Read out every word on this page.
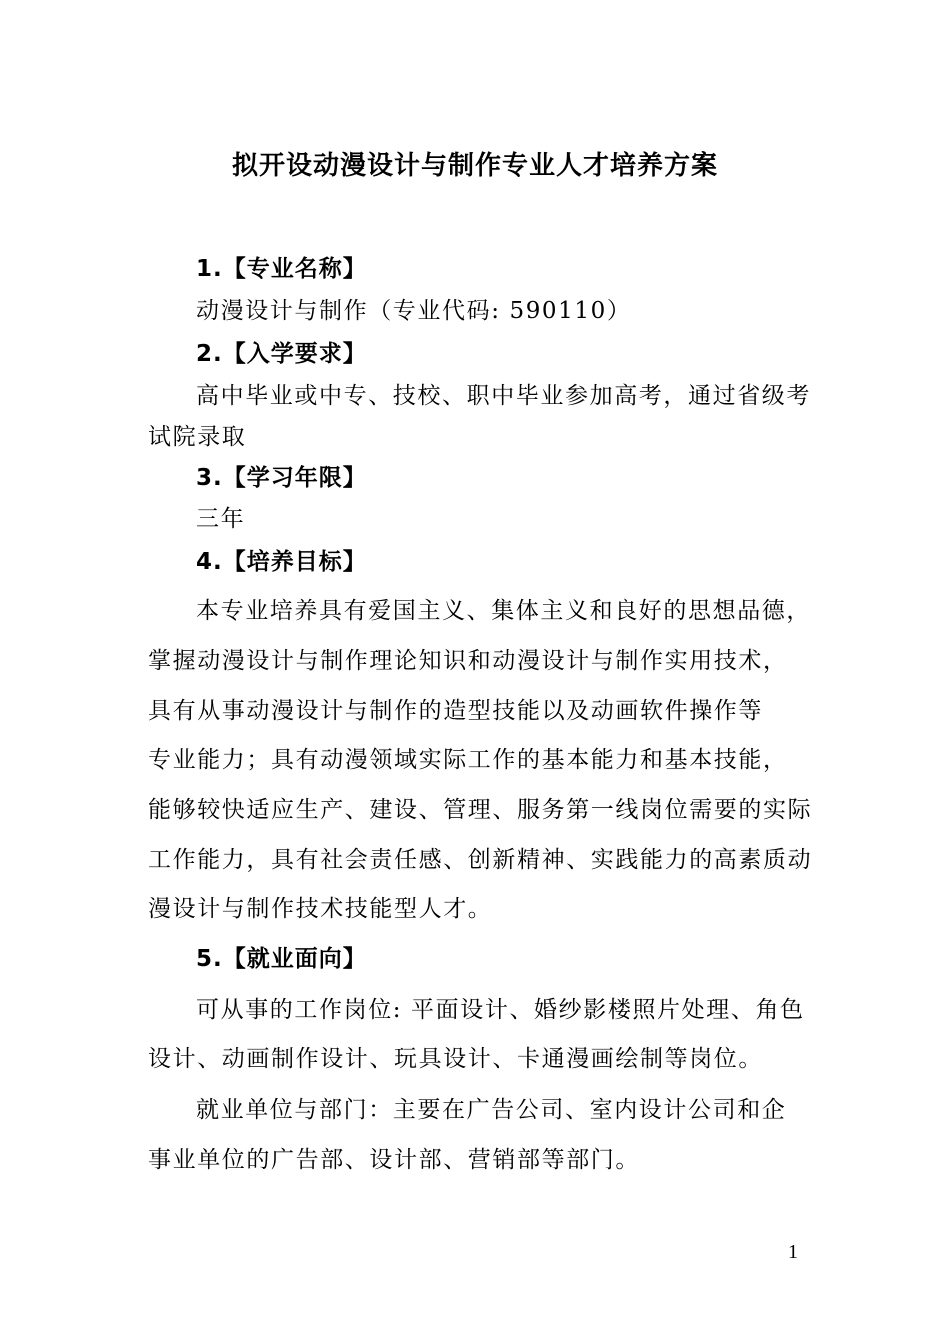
拟开设动漫设计与制作专业人才培养方案
1.【专业名称】
动漫设计与制作（专业代码: 590110）
2.【入学要求】
高中毕业或中专、技校、职中毕业参加高考，通过省级考
试院录取
3.【学习年限】
三年
4.【培养目标】
本专业培养具有爱国主义、集体主义和良好的思想品德，
掌握动漫设计与制作理论知识和动漫设计与制作实用技术，
具有从事动漫设计与制作的造型技能以及动画软件操作等
专业能力；具有动漫领域实际工作的基本能力和基本技能，
能够较快适应生产、建设、管理、服务第一线岗位需要的实际
工作能力，具有社会责任感、创新精神、实践能力的高素质动
漫设计与制作技术技能型人才。
5.【就业面向】
可从事的工作岗位: 平面设计、婚纱影楼照片处理、角色
设计、动画制作设计、玩具设计、卡通漫画绘制等岗位。
就业单位与部门：主要在广告公司、室内设计公司和企
事业单位的广告部、设计部、营销部等部门。
1
